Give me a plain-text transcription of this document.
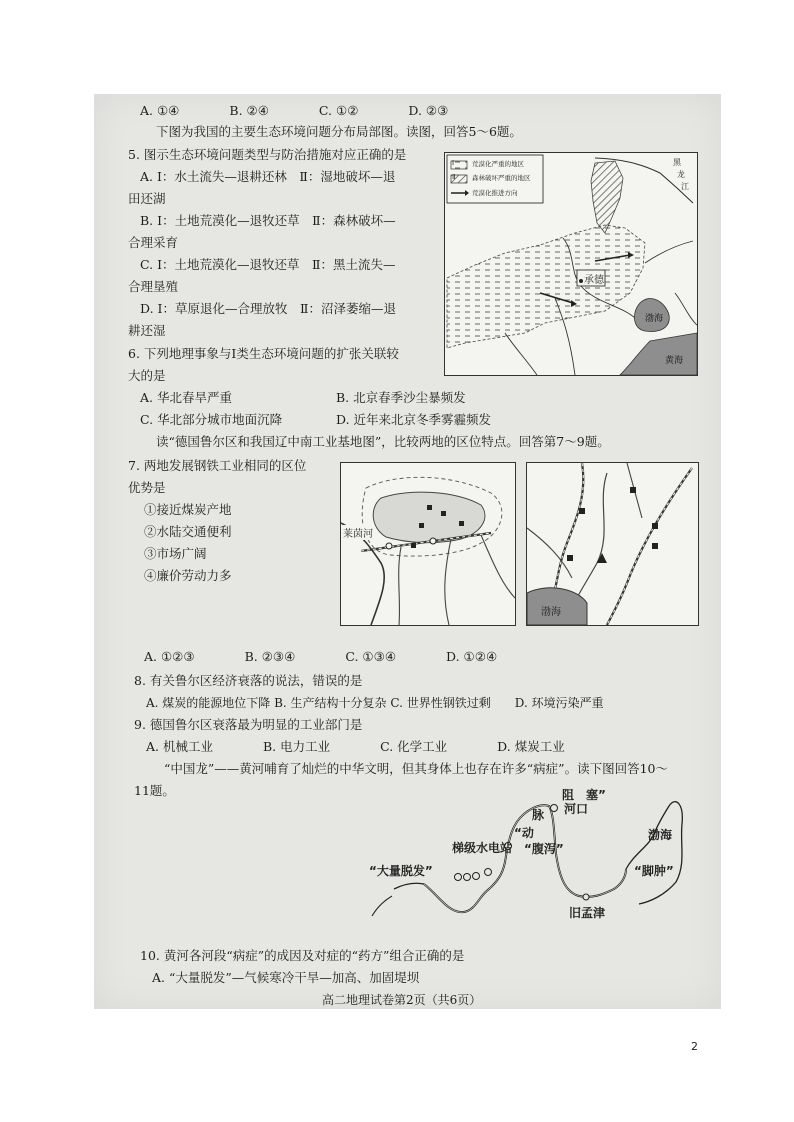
A. ①④　　　　B. ②④　　　　C. ①②　　　　D. ②③
下图为我国的主要生态环境问题分布局部图。读图，回答5～6题。
5. 图示生态环境问题类型与防治措施对应正确的是
A. Ⅰ：水土流失—退耕还林　Ⅱ：湿地破坏—退
田还湖
B. Ⅰ：土地荒漠化—退牧还草　Ⅱ：森林破坏—
合理采育
C. Ⅰ：土地荒漠化—退牧还草　Ⅱ：黑土流失—
合理垦殖
D. Ⅰ：草原退化—合理放牧　Ⅱ：沼泽萎缩—退
耕还湿
6. 下列地理事象与Ⅰ类生态环境问题的扩张关联较
大的是
A. 华北春旱严重	B. 北京春季沙尘暴频发
C. 华北部分城市地面沉降	D. 近年来北京冬季雾霾频发
读“德国鲁尔区和我国辽中南工业基地图”，比较两地的区位特点。回答第7～9题。
7. 两地发展钢铁工业相同的区位
优势是
①接近煤炭产地
②水陆交通便利
③市场广阔
④廉价劳动力多
A. ①②③　　　　B. ②③④　　　　C. ①③④　　　　D. ①②④
8. 有关鲁尔区经济衰落的说法，错误的是
A. 煤炭的能源地位下降 B. 生产结构十分复杂 C. 世界性钢铁过剩　　D. 环境污染严重
9. 德国鲁尔区衰落最为明显的工业部门是
A. 机械工业　　　　B. 电力工业　　　　C. 化学工业　　　　D. 煤炭工业
“中国龙”——黄河哺育了灿烂的中华文明，但其身体上也存在许多“病症”。读下图回答10～
11题。
10. 黄河各河段“病症”的成因及对症的“药方”组合正确的是
A. “大量脱发”—气候寒冷干旱—加高、加固堤坝
高二地理试卷第2页（共6页）
荒漠化严重的地区
森林破坏严重的地区
荒漠化推进方向
Ⅰ
Ⅱ
承德
渤海
黄海
黑
龙
江
莱茵河
渤海
阻　塞”
脉
“动
河口
梯级水电站 “腹泻”
“大量脱发”
渤海
“脚肿”
旧孟津
2
